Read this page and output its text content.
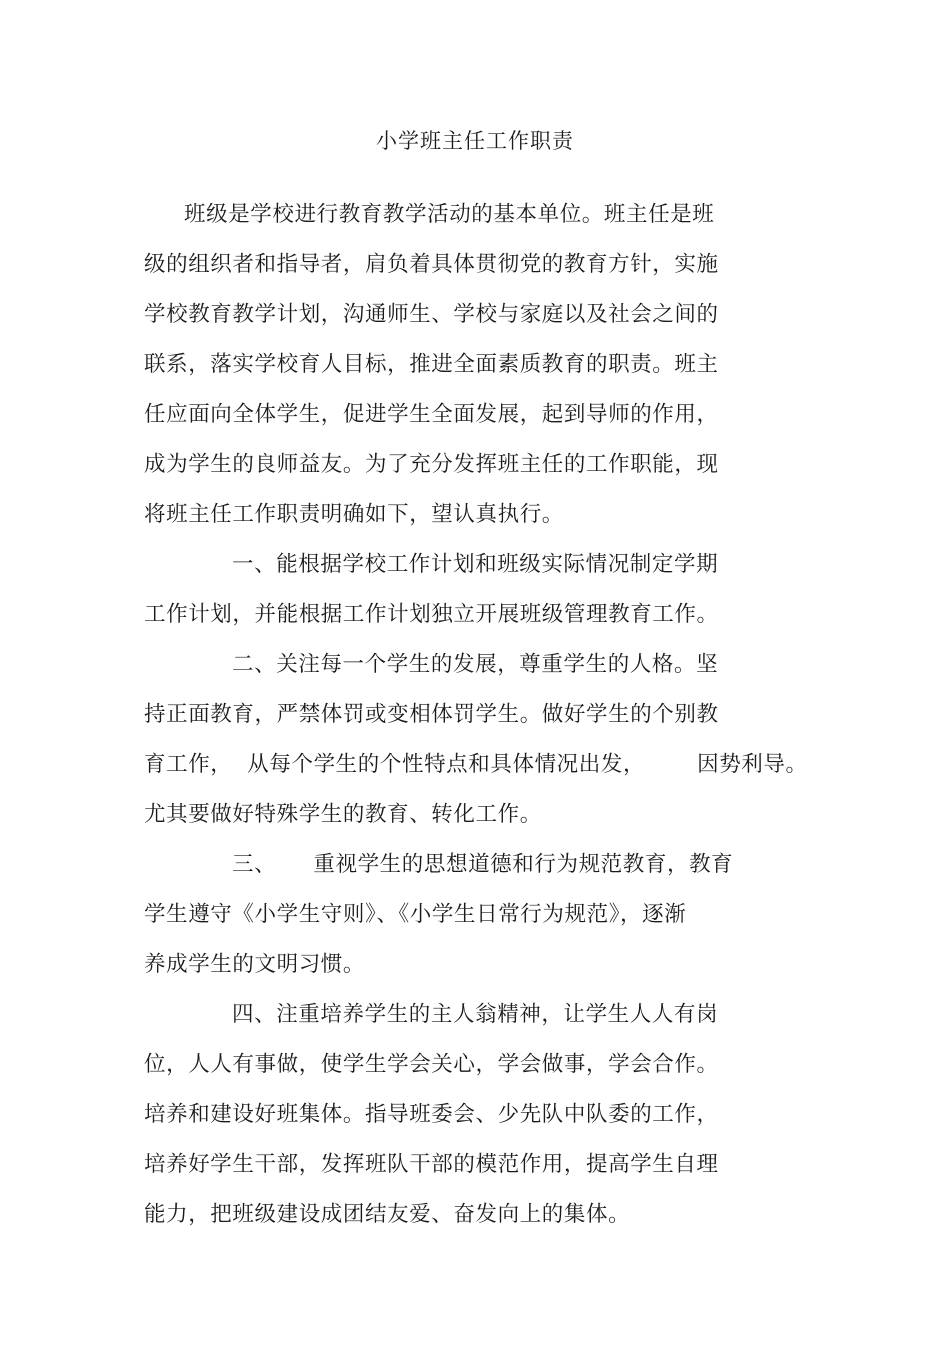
小学班主任工作职责
班级是学校进行教育教学活动的基本单位。班主任是班
级的组织者和指导者，肩负着具体贯彻党的教育方针，实施
学校教育教学计划，沟通师生、学校与家庭以及社会之间的
联系，落实学校育人目标，推进全面素质教育的职责。班主
任应面向全体学生，促进学生全面发展，起到导师的作用，
成为学生的良师益友。为了充分发挥班主任的工作职能，现
将班主任工作职责明确如下，望认真执行。
一、能根据学校工作计划和班级实际情况制定学期
工作计划，并能根据工作计划独立开展班级管理教育工作。
二、关注每一个学生的发展，尊重学生的人格。坚
持正面教育，严禁体罚或变相体罚学生。做好学生的个别教
育工作，  从每个学生的个性特点和具体情况出发，       因势利导。
尤其要做好特殊学生的教育、转化工作。
三、     重视学生的思想道德和行为规范教育，教育
学生遵守《小学生守则》、《小学生日常行为规范》，逐渐
养成学生的文明习惯。
四、注重培养学生的主人翁精神，让学生人人有岗
位，人人有事做，使学生学会关心，学会做事，学会合作。
培养和建设好班集体。指导班委会、少先队中队委的工作，
培养好学生干部，发挥班队干部的模范作用，提高学生自理
能力，把班级建设成团结友爱、奋发向上的集体。
